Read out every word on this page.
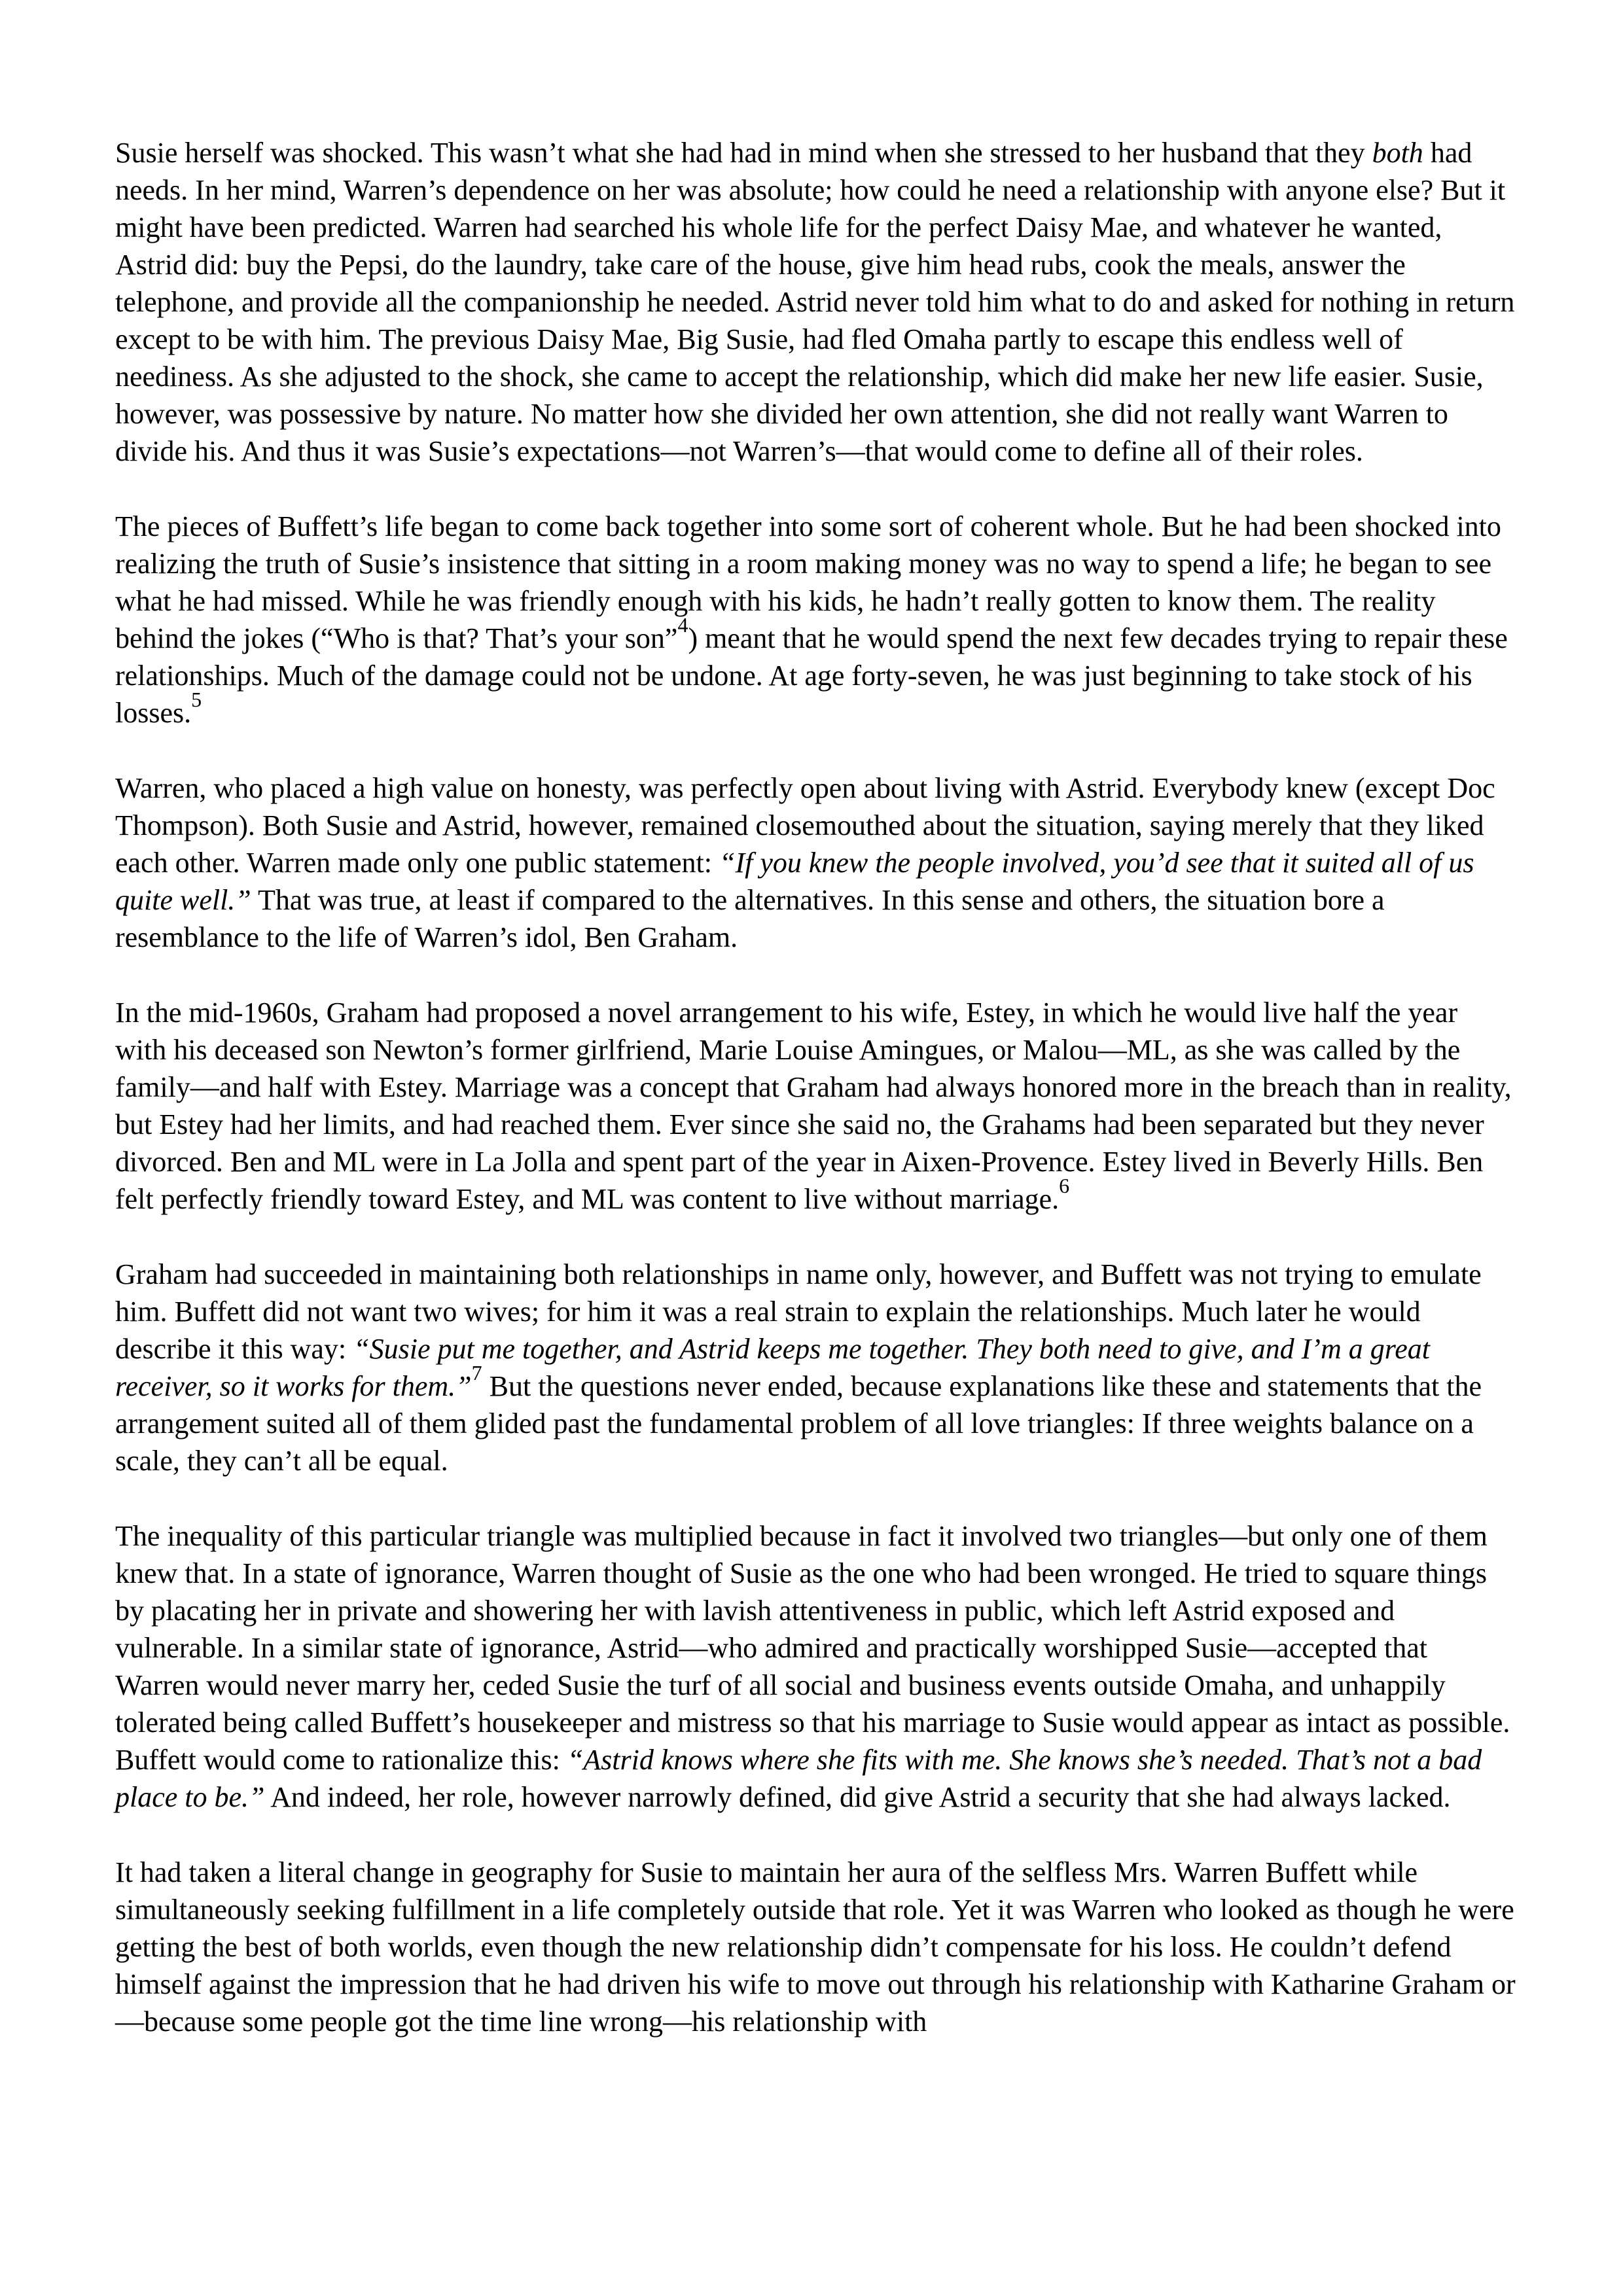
Susie herself was shocked. This wasn’t what she had had in mind when she stressed to her husband that they both had needs. In her mind, Warren’s dependence on her was absolute; how could he need a relationship with anyone else? But it might have been predicted. Warren had searched his whole life for the perfect Daisy Mae, and whatever he wanted, Astrid did: buy the Pepsi, do the laundry, take care of the house, give him head rubs, cook the meals, answer the telephone, and provide all the companionship he needed. Astrid never told him what to do and asked for nothing in return except to be with him. The previous Daisy Mae, Big Susie, had fled Omaha partly to escape this endless well of neediness. As she adjusted to the shock, she came to accept the relationship, which did make her new life easier. Susie, however, was possessive by nature. No matter how she divided her own attention, she did not really want Warren to divide his. And thus it was Susie’s expectations—not Warren’s—that would come to define all of their roles.

The pieces of Buffett’s life began to come back together into some sort of coherent whole. But he had been shocked into realizing the truth of Susie’s insistence that sitting in a room making money was no way to spend a life; he began to see what he had missed. While he was friendly enough with his kids, he hadn’t really gotten to know them. The reality behind the jokes (“Who is that? That’s your son”$^4$) meant that he would spend the next few decades trying to repair these relationships. Much of the damage could not be undone. At age forty-seven, he was just beginning to take stock of his losses.$^5$

Warren, who placed a high value on honesty, was perfectly open about living with Astrid. Everybody knew (except Doc Thompson). Both Susie and Astrid, however, remained closemouthed about the situation, saying merely that they liked each other. Warren made only one public statement: “If you knew the people involved, you’d see that it suited all of us quite well.” That was true, at least if compared to the alternatives. In this sense and others, the situation bore a resemblance to the life of Warren’s idol, Ben Graham.

In the mid-1960s, Graham had proposed a novel arrangement to his wife, Estey, in which he would live half the year with his deceased son Newton’s former girlfriend, Marie Louise Amingues, or Malou—ML, as she was called by the family—and half with Estey. Marriage was a concept that Graham had always honored more in the breach than in reality, but Estey had her limits, and had reached them. Ever since she said no, the Grahams had been separated but they never divorced. Ben and ML were in La Jolla and spent part of the year in Aixen-Provence. Estey lived in Beverly Hills. Ben felt perfectly friendly toward Estey, and ML was content to live without marriage.$^6$

Graham had succeeded in maintaining both relationships in name only, however, and Buffett was not trying to emulate him. Buffett did not want two wives; for him it was a real strain to explain the relationships. Much later he would describe it this way: “Susie put me together, and Astrid keeps me together. They both need to give, and I’m a great receiver, so it works for them.”$^7$ But the questions never ended, because explanations like these and statements that the arrangement suited all of them glided past the fundamental problem of all love triangles: If three weights balance on a scale, they can’t all be equal.

The inequality of this particular triangle was multiplied because in fact it involved two triangles—but only one of them knew that. In a state of ignorance, Warren thought of Susie as the one who had been wronged. He tried to square things by placating her in private and showering her with lavish attentiveness in public, which left Astrid exposed and vulnerable. In a similar state of ignorance, Astrid—who admired and practically worshipped Susie—accepted that Warren would never marry her, ceded Susie the turf of all social and business events outside Omaha, and unhappily tolerated being called Buffett’s housekeeper and mistress so that his marriage to Susie would appear as intact as possible. Buffett would come to rationalize this: “Astrid knows where she fits with me. She knows she’s needed. That’s not a bad place to be.” And indeed, her role, however narrowly defined, did give Astrid a security that she had always lacked.

It had taken a literal change in geography for Susie to maintain her aura of the selfless Mrs. Warren Buffett while simultaneously seeking fulfillment in a life completely outside that role. Yet it was Warren who looked as though he were getting the best of both worlds, even though the new relationship didn’t compensate for his loss. He couldn’t defend himself against the impression that he had driven his wife to move out through his relationship with Katharine Graham or—because some people got the time line wrong—his relationship with
